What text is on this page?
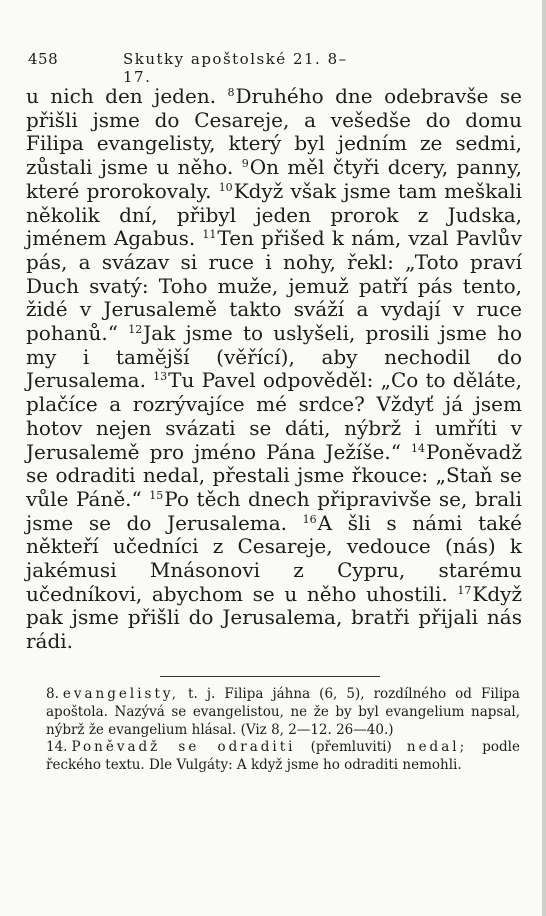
458	Skutky apoštolské 21. 8–17.

u nich den jeden. $^8$Druhého dne odebravše se přišli jsme do Cesareje, a vešedše do domu Filipa evangelisty, který byl jedním ze sedmi, zůstali jsme u něho. $^9$On měl čtyři dcery, panny, které prorokovaly. $^{10}$Když však jsme tam meškali několik dní, přibyl jeden prorok z Judska, jménem Agabus. $^{11}$Ten přišed k nám, vzal Pavlův pás, a svázav si ruce i nohy, řekl: „Toto praví Duch svatý: Toho muže, jemuž patří pás tento, židé v Jerusalemě takto sváží a vydají v ruce pohanů.“ $^{12}$Jak jsme to uslyšeli, prosili jsme ho my i tamější (věřící), aby nechodil do Jerusalema. $^{13}$Tu Pavel odpověděl: „Co to děláte, plačíce a rozrývajíce mé srdce? Vždyť já jsem hotov nejen svázati se dáti, nýbrž i umříti v Jerusalemě pro jméno Pána Ježíše.“ $^{14}$Poněvadž se odraditi nedal, přestali jsme řkouce: „Staň se vůle Páně.“ $^{15}$Po těch dnech připravivše se, brali jsme se do Jerusalema. $^{16}$A šli s námi také někteří učedníci z Cesareje, vedouce (nás) k jakémusi Mnásonovi z Cypru, starému učedníkovi, abychom se u něho uhostili. $^{17}$Když pak jsme přišli do Jerusalema, bratři přijali nás rádi.

8. evangelisty, t. j. Filipa jáhna (6, 5), rozdílného od Filipa apoštola. Nazývá se evangelistou, ne že by byl evangelium napsal, nýbrž že evangelium hlásal. (Viz 8, 2—12. 26—40.)

14. Poněvadž se odraditi (přemluviti) nedal; podle řeckého textu. Dle Vulgáty: A když jsme ho odraditi nemohli.
